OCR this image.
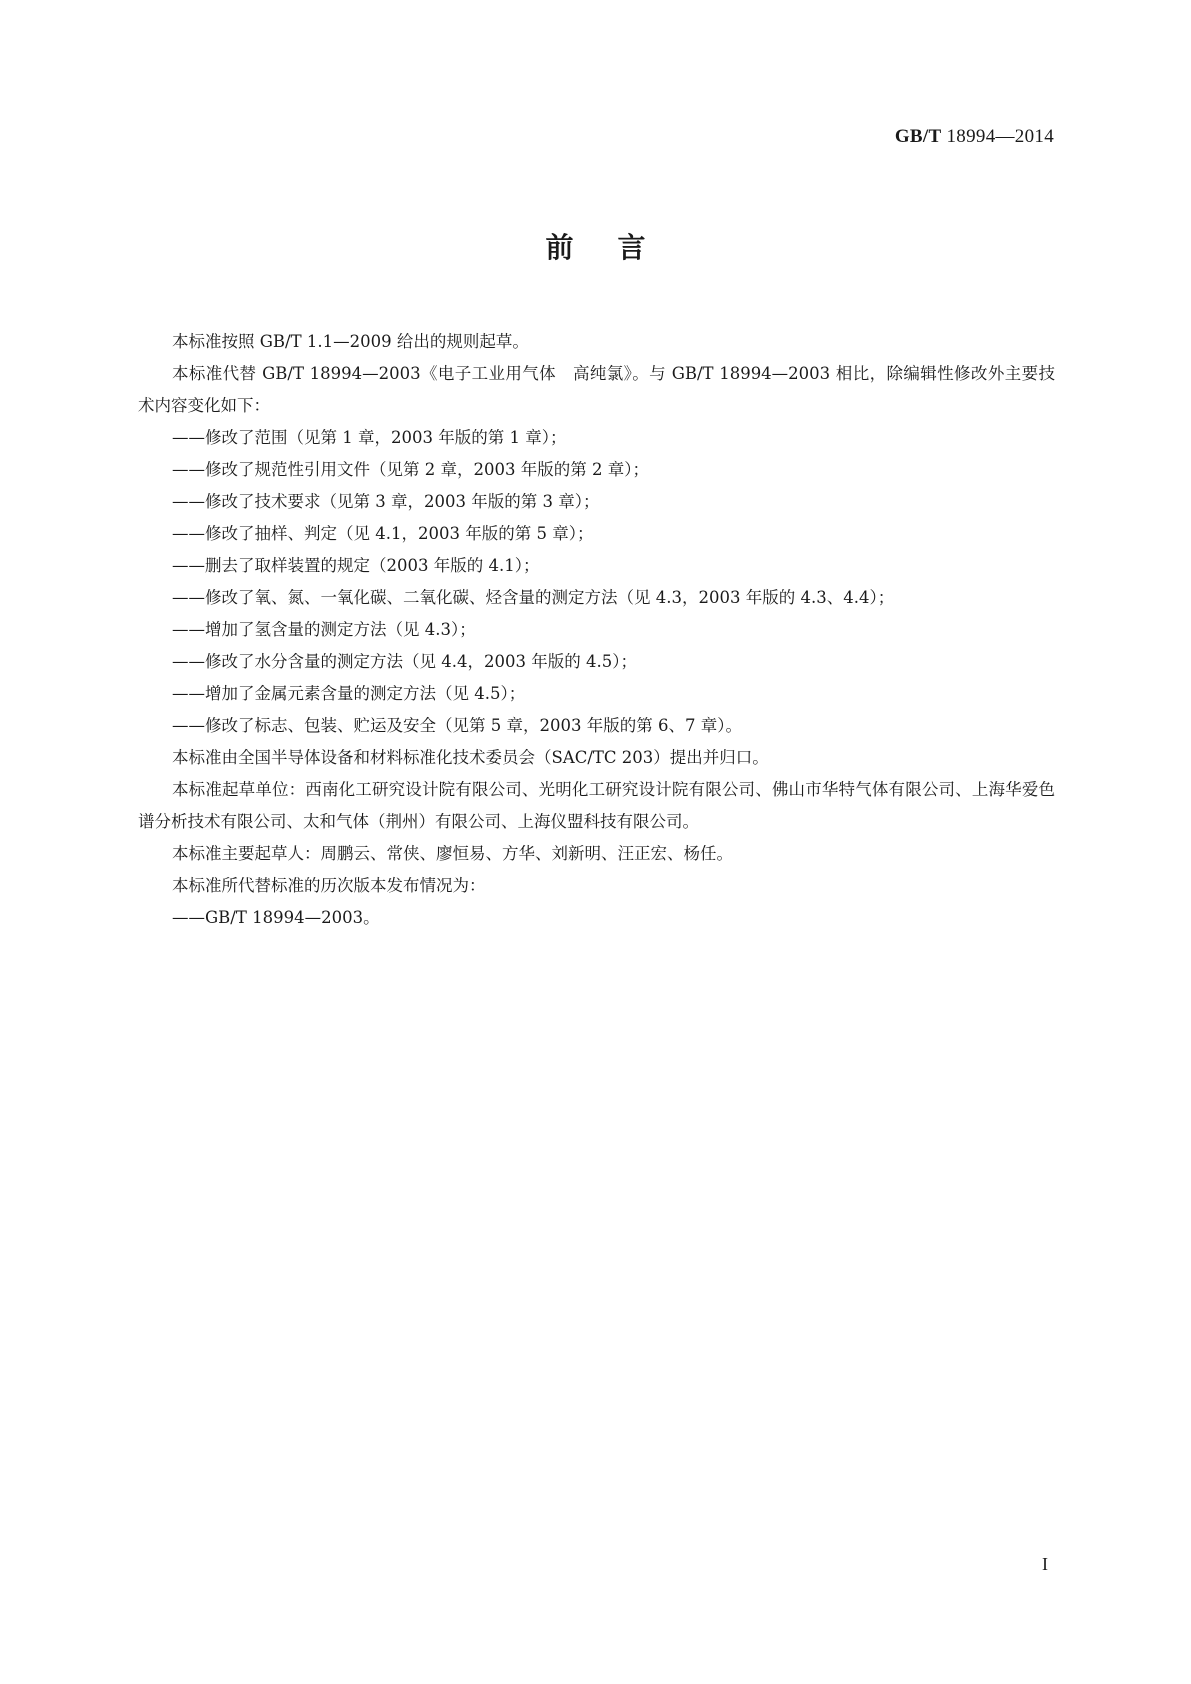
GB/T 18994—2014
前 言

本标准按照 GB/T 1.1—2009 给出的规则起草。

本标准代替 GB/T 18994—2003《电子工业用气体　高纯氯》。与 GB/T 18994—2003 相比，除编辑性修改外主要技术内容变化如下：

——修改了范围（见第 1 章，2003 年版的第 1 章）；

——修改了规范性引用文件（见第 2 章，2003 年版的第 2 章）；

——修改了技术要求（见第 3 章，2003 年版的第 3 章）；

——修改了抽样、判定（见 4.1，2003 年版的第 5 章）；

——删去了取样装置的规定（2003 年版的 4.1）；

——修改了氧、氮、一氧化碳、二氧化碳、烃含量的测定方法（见 4.3，2003 年版的 4.3、4.4）；

——增加了氢含量的测定方法（见 4.3）；

——修改了水分含量的测定方法（见 4.4，2003 年版的 4.5）；

——增加了金属元素含量的测定方法（见 4.5）；

——修改了标志、包装、贮运及安全（见第 5 章，2003 年版的第 6、7 章）。

本标准由全国半导体设备和材料标准化技术委员会（SAC/TC 203）提出并归口。

本标准起草单位：西南化工研究设计院有限公司、光明化工研究设计院有限公司、佛山市华特气体有限公司、上海华爱色谱分析技术有限公司、太和气体（荆州）有限公司、上海仪盟科技有限公司。

本标准主要起草人：周鹏云、常侠、廖恒易、方华、刘新明、汪正宏、杨任。

本标准所代替标准的历次版本发布情况为：

——GB/T 18994—2003。

I
